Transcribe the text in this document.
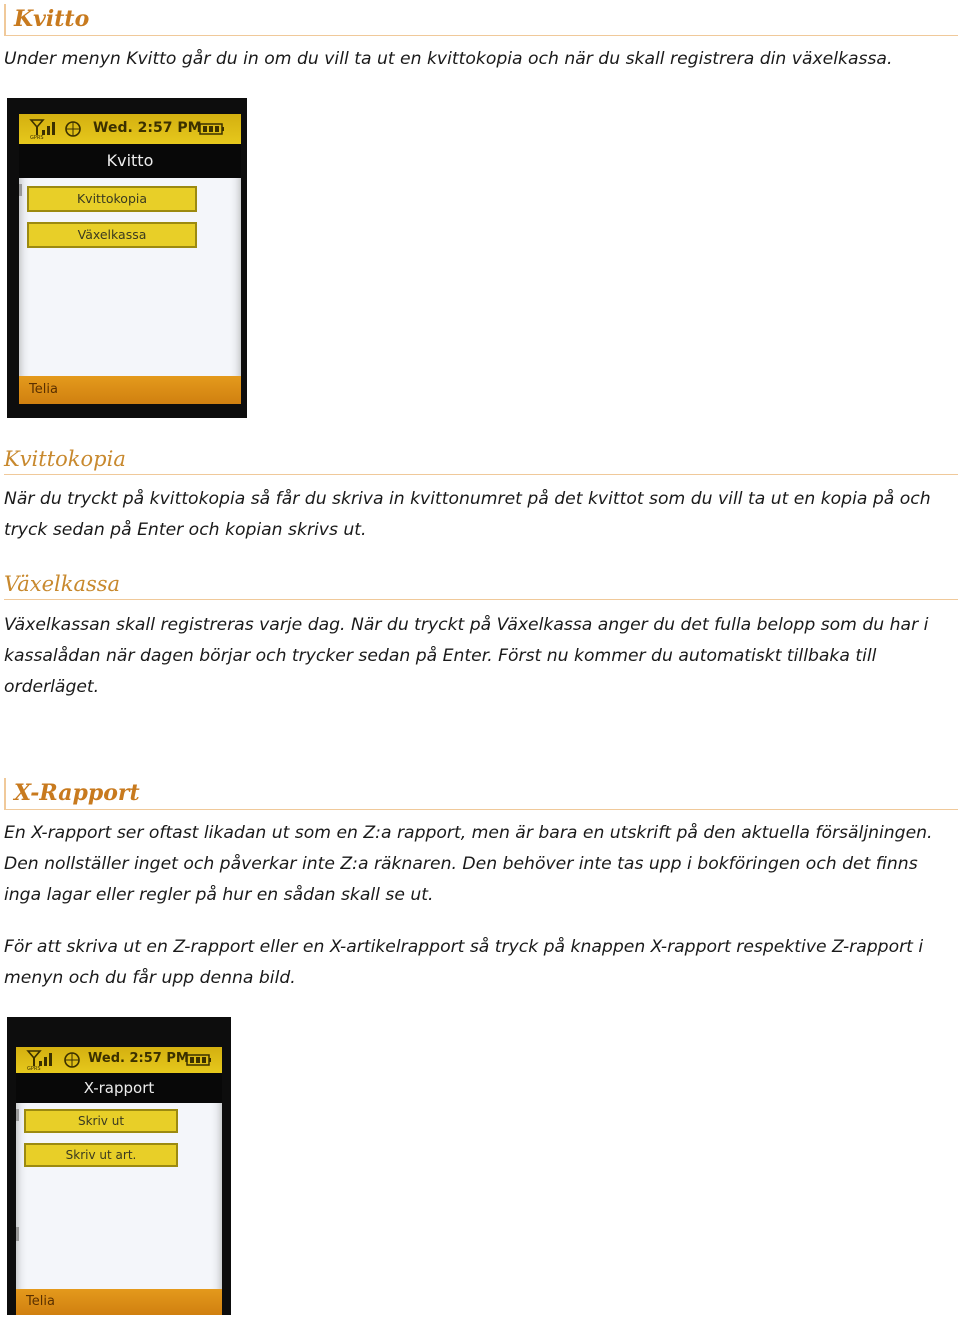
Kvitto

Under menyn Kvitto går du in om du vill ta ut en kvittokopia och när du skall registrera din växelkassa.

GPRS
Wed. 2:57 PM
Kvitto
Kvittokopia
Växelkassa
Telia
Kvittokopia

När du tryckt på kvittokopia så får du skriva in kvittonumret på det kvittot som du vill ta ut en kopia på och tryck sedan på Enter och kopian skrivs ut.

Växelkassa

Växelkassan skall registreras varje dag. När du tryckt på Växelkassa anger du det fulla belopp som du har i kassalådan när dagen börjar och trycker sedan på Enter. Först nu kommer du automatiskt tillbaka till orderläget.

X-Rapport

En X-rapport ser oftast likadan ut som en Z:a rapport, men är bara en utskrift på den aktuella försäljningen. Den nollställer inget och påverkar inte Z:a räknaren. Den behöver inte tas upp i bokföringen och det finns inga lagar eller regler på hur en sådan skall se ut.

För att skriva ut en Z-rapport eller en X-artikelrapport så tryck på knappen X-rapport respektive Z-rapport i menyn och du får upp denna bild.

GPRS
Wed. 2:57 PM
X-rapport
Skriv ut
Skriv ut art.
Telia
